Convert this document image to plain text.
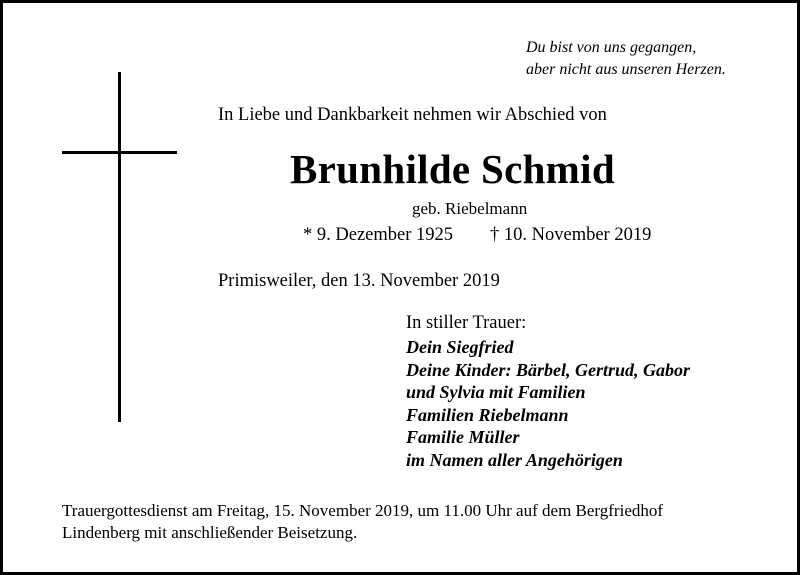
Du bist von uns gegangen,
aber nicht aus unseren Herzen.
In Liebe und Dankbarkeit nehmen wir Abschied von
Brunhilde Schmid
geb. Riebelmann
* 9. Dezember 1925 † 10. November 2019
Primisweiler, den 13. November 2019
In stiller Trauer:
Dein Siegfried
Deine Kinder: Bärbel, Gertrud, Gabor
und Sylvia mit Familien
Familien Riebelmann
Familie Müller
im Namen aller Angehörigen
Trauergottesdienst am Freitag, 15. November 2019, um 11.00 Uhr auf dem Bergfriedhof
Lindenberg mit anschließender Beisetzung.
